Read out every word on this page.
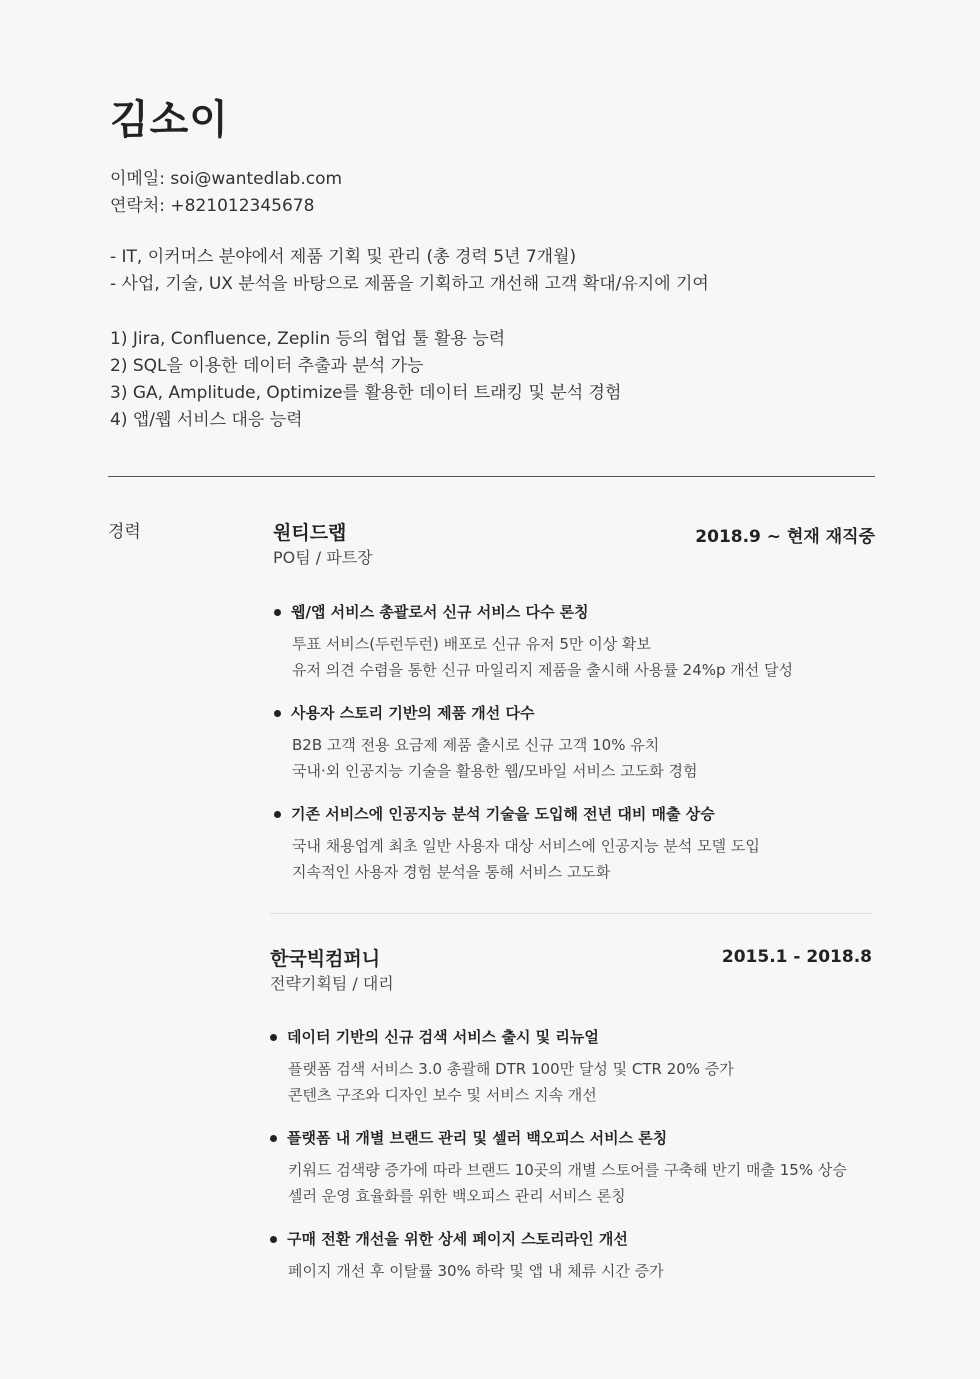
김소이
이메일: soi@wantedlab.com
연락처: +821012345678
- IT, 이커머스 분야에서 제품 기획 및 관리 (총 경력 5년 7개월)
- 사업, 기술, UX 분석을 바탕으로 제품을 기획하고 개선해 고객 확대/유지에 기여
1) Jira, Confluence, Zeplin 등의 협업 툴 활용 능력
2) SQL을 이용한 데이터 추출과 분석 가능
3) GA, Amplitude, Optimize를 활용한 데이터 트래킹 및 분석 경험
4) 앱/웹 서비스 대응 능력
경력	원티드랩
PO팀 / 파트장
2018.9 ~ 현재 재직중
웹/앱 서비스 총괄로서 신규 서비스 다수 론칭
투표 서비스(두런두런) 배포로 신규 유저 5만 이상 확보
유저 의견 수렴을 통한 신규 마일리지 제품을 출시해 사용률 24%p 개선 달성
사용자 스토리 기반의 제품 개선 다수
B2B 고객 전용 요금제 제품 출시로 신규 고객 10% 유치
국내·외 인공지능 기술을 활용한 웹/모바일 서비스 고도화 경험
기존 서비스에 인공지능 분석 기술을 도입해 전년 대비 매출 상승
국내 채용업계 최초 일반 사용자 대상 서비스에 인공지능 분석 모델 도입
지속적인 사용자 경험 분석을 통해 서비스 고도화
한국빅컴퍼니
전략기획팀 / 대리
2015.1 - 2018.8
데이터 기반의 신규 검색 서비스 출시 및 리뉴얼
플랫폼 검색 서비스 3.0 총괄해 DTR 100만 달성 및 CTR 20% 증가
콘텐츠 구조와 디자인 보수 및 서비스 지속 개선
플랫폼 내 개별 브랜드 관리 및 셀러 백오피스 서비스 론칭
키워드 검색량 증가에 따라 브랜드 10곳의 개별 스토어를 구축해 반기 매출 15% 상승
셀러 운영 효율화를 위한 백오피스 관리 서비스 론칭
구매 전환 개선을 위한 상세 페이지 스토리라인 개선
페이지 개선 후 이탈률 30% 하락 및 앱 내 체류 시간 증가
